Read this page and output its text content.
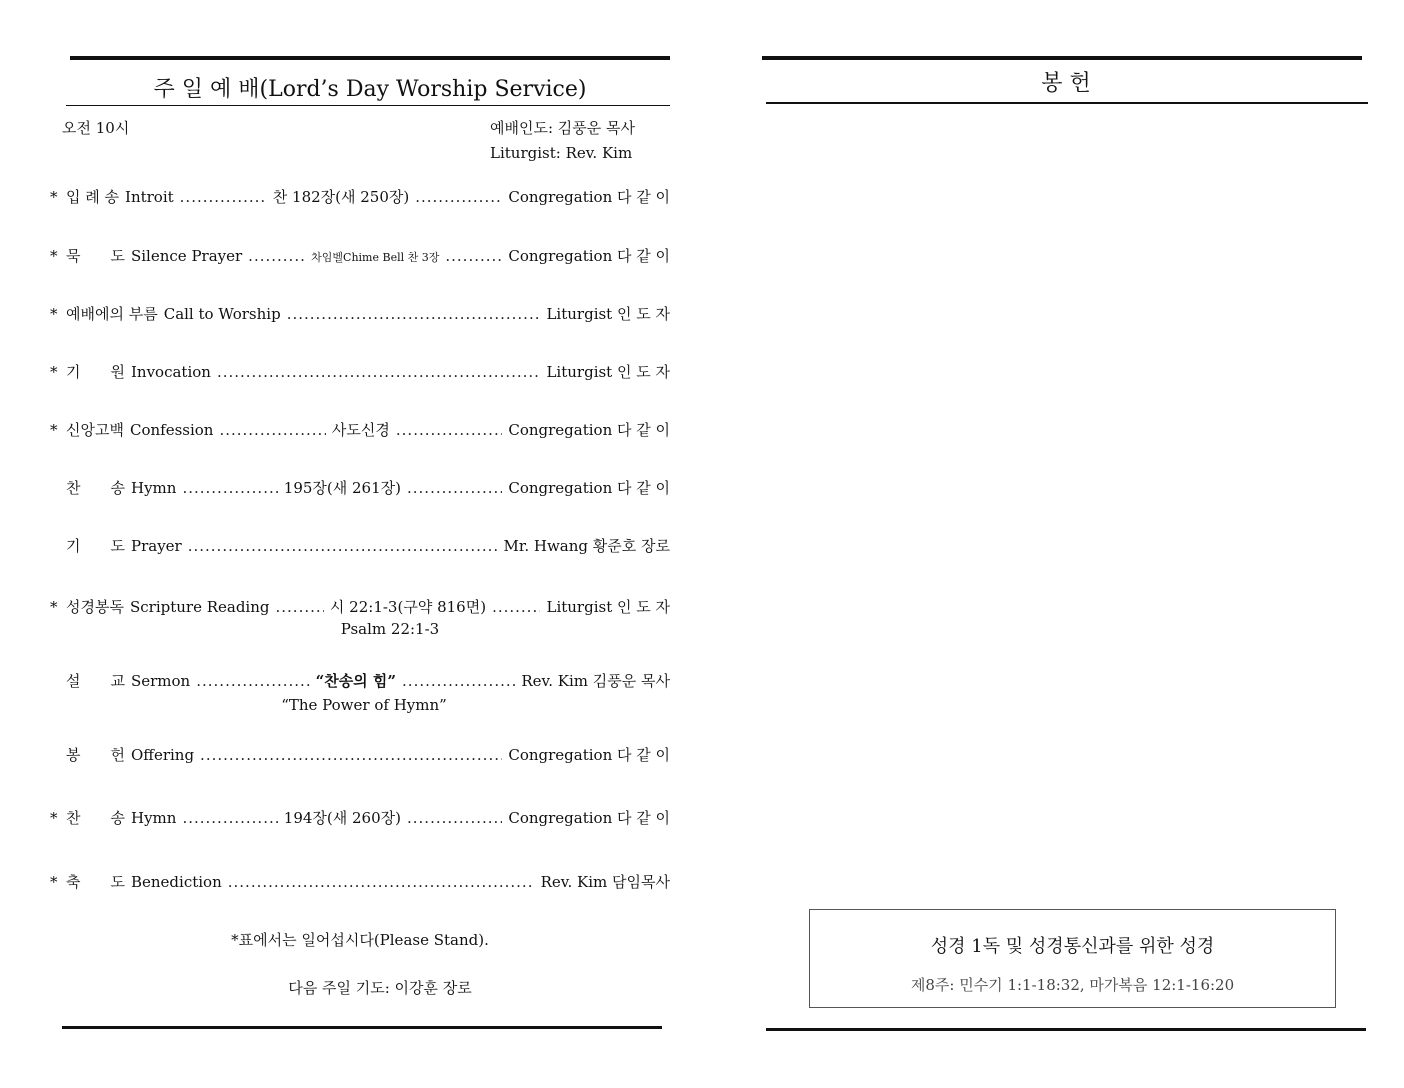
주 일 예 배(Lord’s Day Worship Service)
오전 10시	예배인도: 김풍운 목사
Liturgist: Rev. Kim
* 입 례 송 Introit .....	찬 182장(새 250장) .....	Congregation 다 같 이
* 묵　　도 Silence Prayer .....	차임벨Chime Bell 찬 3장 .....	Congregation 다 같 이
* 예배에의 부름 Call to Worship .....	Liturgist 인 도 자
* 기　　원 Invocation .....	Liturgist 인 도 자
* 신앙고백 Confession .....	사도신경 .....	Congregation 다 같 이
찬　　송 Hymn .....	195장(새 261장) .....	Congregation 다 같 이
기　　도 Prayer .....	Mr. Hwang 황준호 장로
* 성경봉독 Scripture Reading .....	시 22:1-3(구약 816면) .....	Liturgist 인 도 자
Psalm 22:1-3
설　　교 Sermon .....	“찬송의 힘” .....	Rev. Kim 김풍운 목사
“The Power of Hymn”
봉　　헌 Offering .....	Congregation 다 같 이
* 찬　　송 Hymn .....	194장(새 260장) .....	Congregation 다 같 이
* 축　　도 Benediction .....	Rev. Kim 담임목사
*표에서는 일어섭시다(Please Stand).
다음 주일 기도: 이강훈 장로
봉 헌
성경 1독 및 성경통신과를 위한 성경
제8주: 민수기 1:1-18:32, 마가복음 12:1-16:20
